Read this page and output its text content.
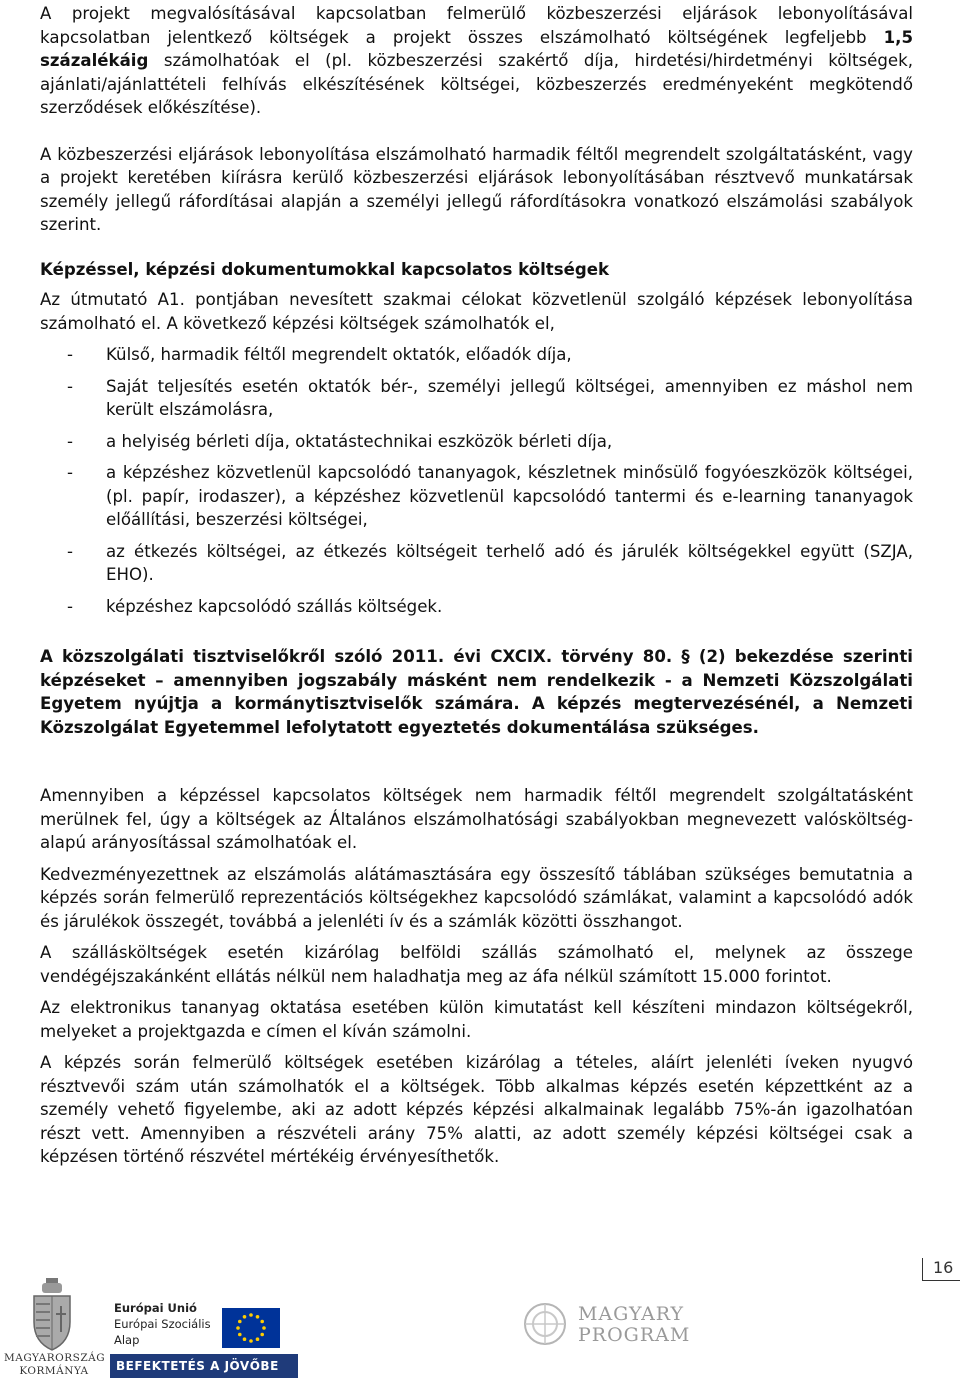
A projekt megvalósításával kapcsolatban felmerülő közbeszerzési eljárások lebonyolításával kapcsolatban jelentkező költségek a projekt összes elszámolható költségének legfeljebb 1,5 százalékáig számolhatóak el (pl. közbeszerzési szakértő díja, hirdetési/hirdetményi költségek, ajánlati/ajánlattételi felhívás elkészítésének költségei, közbeszerzés eredményeként megkötendő szerződések előkészítése).

A közbeszerzési eljárások lebonyolítása elszámolható harmadik féltől megrendelt szolgáltatásként, vagy a projekt keretében kiírásra kerülő közbeszerzési eljárások lebonyolításában résztvevő munkatársak személy jellegű ráfordításai alapján a személyi jellegű ráfordításokra vonatkozó elszámolási szabályok szerint.

Képzéssel, képzési dokumentumokkal kapcsolatos költségek

Az útmutató A1. pontjában nevesített szakmai célokat közvetlenül szolgáló képzések lebonyolítása számolható el. A következő képzési költségek számolhatók el,

- Külső, harmadik féltől megrendelt oktatók, előadók díja,
- Saját teljesítés esetén oktatók bér-, személyi jellegű költségei, amennyiben ez máshol nem került elszámolásra,
- a helyiség bérleti díja, oktatástechnikai eszközök bérleti díja,
- a képzéshez közvetlenül kapcsolódó tananyagok, készletnek minősülő fogyóeszközök költségei, (pl. papír, irodaszer), a képzéshez közvetlenül kapcsolódó tantermi és e-learning tananyagok előállítási, beszerzési költségei,
- az étkezés költségei, az étkezés költségeit terhelő adó és járulék költségekkel együtt (SZJA, EHO).
- képzéshez kapcsolódó szállás költségek.

A közszolgálati tisztviselőkről szóló 2011. évi CXCIX. törvény 80. § (2) bekezdése szerinti képzéseket – amennyiben jogszabály másként nem rendelkezik - a Nemzeti Közszolgálati Egyetem nyújtja a kormánytisztviselők számára. A képzés megtervezésénél, a Nemzeti Közszolgálat Egyetemmel lefolytatott egyeztetés dokumentálása szükséges.

Amennyiben a képzéssel kapcsolatos költségek nem harmadik féltől megrendelt szolgáltatásként merülnek fel, úgy a költségek az Általános elszámolhatósági szabályokban megnevezett valósköltség-alapú arányosítással számolhatóak el.

Kedvezményezettnek az elszámolás alátámasztására egy összesítő táblában szükséges bemutatnia a képzés során felmerülő reprezentációs költségekhez kapcsolódó számlákat, valamint a kapcsolódó adók és járulékok összegét, továbbá a jelenléti ív és a számlák közötti összhangot.

A szállásköltségek esetén kizárólag belföldi szállás számolható el, melynek az összege vendégéjszakánként ellátás nélkül nem haladhatja meg az áfa nélkül számított 15.000 forintot.

Az elektronikus tananyag oktatása esetében külön kimutatást kell készíteni mindazon költségekről, melyeket a projektgazda e címen el kíván számolni.

A képzés során felmerülő költségek esetében kizárólag a tételes, aláírt jelenléti íveken nyugvó résztvevői szám után számolhatók el a költségek. Több alkalmas képzés esetén képzettként az a személy vehető figyelembe, aki az adott képzés képzési alkalmainak legalább 75%-án igazolhatóan részt vett. Amennyiben a részvételi arány 75% alatti, az adott személy képzési költségei csak a képzésen történő részvétel mértékéig érvényesíthetők.

16
MAGYARORSZÁG
KORMÁNYA
Európai Unió
Európai Szociális
Alap
BEFEKTETÉS A JÖVŐBE
MAGYARY
PROGRAM
